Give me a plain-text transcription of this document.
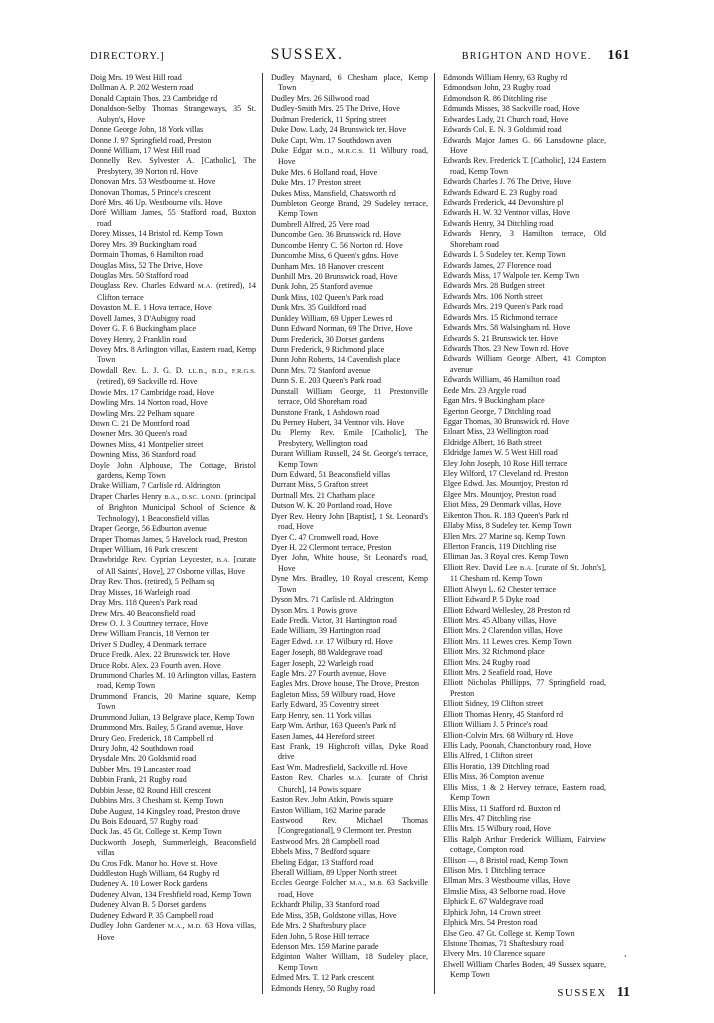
DIRECTORY.]	SUSSEX.	BRIGHTON AND HOVE. 161

Doig Mrs. 19 West Hill road

Dollman A. P. 202 Western road

Donald Captain Thos. 23 Cambridge rd

Donaldson-Selby Thomas Strangeways, 35 St. Aubyn's, Hove

Donne George John, 18 York villas

Donne J. 97 Springfield road, Preston

Donné William, 17 West Hill road

Donnelly Rev. Sylvester A. [Catholic], The Presbytery, 39 Norton rd. Hove

Donovan Mrs. 53 Westbourne st. Hove

Donovan Thomas, 5 Prince's crescent

Doré Mrs. 46 Up. Westbourne vils. Hove

Doré William James, 55 Stafford road, Buxton road

Dorey Misses, 14 Bristol rd. Kemp Town

Dorey Mrs. 39 Buckingham road

Dormain Thomas, 6 Hamilton road

Douglas Miss, 52 The Drive, Hove

Douglas Mrs. 50 Stafford road

Douglass Rev. Charles Edward M.A. (retired), 14 Clifton terrace

Dovaston M. E. 1 Hova terrace, Hove

Dovell James, 3 D'Aubigny road

Dover G. F. 6 Buckingham place

Dovey Henry, 2 Franklin road

Dovey Mrs. 8 Arlington villas, Eastern road, Kemp Town

Dowdall Rev. L. J. G. D. LL.B., B.D., F.R.G.S. (retired), 69 Sackville rd. Hove

Dowie Mrs. 17 Cambridge road, Hove

Dowling Mrs. 14 Norton road, Hove

Dowling Mrs. 22 Pelham square

Down C. 21 De Montford road

Downer Mrs. 30 Queen's road

Downes Miss, 41 Montpelier street

Downing Miss, 36 Stanford road

Doyle John Alphouse, The Cottage, Bristol gardens, Kemp Town

Drake William, 7 Carlisle rd. Aldrington

Draper Charles Henry B.A., D.SC. LOND. (principal of Brighton Municipal School of Science & Technology), 1 Beaconsfield villas

Draper George, 56 Edburton avenue

Draper Thomas James, 5 Havelock road, Preston

Draper William, 16 Park crescent

Drawbridge Rev. Cyprian Leycester, B.A. [curate of All Saints', Hove], 27 Osborne villas, Hove

Dray Rev. Thos. (retired), 5 Pelham sq

Dray Misses, 16 Warleigh road

Dray Mrs. 118 Queen's Park road

Drew Mrs. 40 Beaconsfield road

Drew O. J. 3 Courtney terrace, Hove

Drew William Francis, 18 Vernon ter

Driver S Dudley, 4 Denmark terrace

Druce Fredk. Alex. 22 Brunswick ter. Hove

Druce Robt. Alex. 23 Fourth aven. Hove

Drummond Charles M. 10 Arlington villas, Eastern road, Kemp Town

Drummond Francis, 20 Marine square, Kemp Town

Drummond Julian, 13 Belgrave place, Kemp Town

Drummond Mrs. Bailey, 5 Grand avenue, Hove

Drury Geo. Frederick, 18 Campbell rd

Drury John, 42 Southdown road

Drysdale Mrs. 20 Goldsmid road

Dubber Mrs. 19 Lancaster road

Dubbin Frank, 21 Rugby road

Dubbin Jesse, 82 Round Hill crescent

Dubbins Mrs. 3 Chesham st. Kemp Town

Dube August, 14 Kingsley road, Preston drove

Du Bois Edouard, 57 Rugby road

Duck Jas. 45 Gt. College st. Kemp Town

Duckworth Joseph, Summerleigh, Beaconsfield villas

Du Cros Fdk. Manor ho. Hove st. Hove

Duddleston Hugh William, 64 Rugby rd

Dudeney A. 10 Lower Rock gardens

Dudeney Alvan, 134 Freshfield road, Kemp Town

Dudeney Alvan B. 5 Dorset gardens

Dudeney Edward P. 35 Campbell road

Dudley John Gardener M.A., M.D. 63 Hova villas, Hove

Dudley Maynard, 6 Chesham place, Kemp Town

Dudley Mrs. 26 Sillwood road

Dudley-Smith Mrs. 25 The Drive, Hove

Dudman Frederick, 11 Spring street

Duke Dow. Lady, 24 Brunswick ter. Hove

Duke Capt. Wm. 17 Southdown aven

Duke Edgar M.D., M.R.C.S. 11 Wilbury road, Hove

Duke Mrs. 6 Holland road, Hove

Duke Mrs. 17 Preston street

Dukes Miss, Mansfield, Chatsworth rd

Dumbleton George Brand, 29 Sudeley terrace, Kemp Town

Dumbrell Alfred, 25 Vere road

Duncombe Geo. 36 Brunswick rd. Hove

Duncombe Henry C. 56 Norton rd. Hove

Duncombe Miss, 6 Queen's gdns. Hove

Dunham Mrs. 18 Hanover crescent

Dunhill Mrs. 20 Brunswick road, Hove

Dunk John, 25 Stanford avenue

Dunk Miss, 102 Queen's Park road

Dunk Mrs. 35 Guildford road

Dunkley William, 69 Upper Lewes rd

Dunn Edward Norman, 69 The Drive, Hove

Dunn Frederick, 30 Dorset gardens

Dunn Frederick, 9 Richmond place

Dunn John Roberts, 14 Cavendish place

Dunn Mrs. 72 Stanford avenue

Dunn S. E. 203 Queen's Park road

Dunstall William George, 11 Prestonville terrace, Old Shoreham road

Dunstone Frank, 1 Ashdown road

Du Perney Hubert, 34 Ventnor vils. Hove

Du Plerny Rev. Emile [Catholic], The Presbytery, Wellington road

Durant William Russell, 24 St. George's terrace, Kemp Town

Durn Edward, 51 Beaconsfield villas

Durrant Miss, 5 Grafton street

Durtnall Mrs. 21 Chatham place

Dutson W. K. 20 Portland road, Hove

Dyer Rev. Henry John [Baptist], 1 St. Leonard's road, Hove

Dyer C. 47 Cromwell road, Hove

Dyer H. 22 Clermont terrace, Preston

Dyer John, White house, St Leonard's road, Hove

Dyne Mrs. Bradley, 10 Royal crescent, Kemp Town

Dyson Mrs. 71 Carlisle rd. Aldrington

Dyson Mrs. 1 Powis grove

Eade Fredk. Victor, 31 Hartington road

Eade William, 39 Hartington road

Eager Edwd. J.P. 17 Wilbury rd. Hove

Eager Joseph, 88 Waldegrave road

Eager Joseph, 22 Warleigh road

Eagle Mrs. 27 Fourth avenue, Hove

Eagles Mrs. Drove house, The Drove, Preston

Eagleton Miss, 59 Wilbury road, Hove

Early Edward, 35 Coventry street

Earp Henry, sen. 11 York villas

Earp Wm. Arthur, 163 Queen's Park rd

Easen James, 44 Hereford street

East Frank, 19 Highcroft villas, Dyke Road drive

East Wm. Madresfield, Sackville rd. Hove

Easton Rev. Charles M.A. [curate of Christ Church], 14 Powis square

Easton Rev. John Atkin, Powis square

Easton William, 162 Marine parade

Eastwood Rev. Michael Thomas [Congregational], 9 Clermont ter. Preston

Eastwood Mrs. 28 Campbell road

Ebbels Miss, 7 Bedford square

Ebeling Edgar, 13 Stafford road

Eberall William, 89 Upper North street

Eccles George Folcher M.A., M.B. 63 Sackville road, Hove

Eckhardt Philip, 33 Stanford road

Ede Miss, 35B, Goldstone villas, Hove

Ede Mrs. 2 Shaftesbury place

Eden John, 5 Rose Hill terrace

Edenson Mrs. 159 Marine parade

Edginton Walter William, 18 Sudeley place, Kemp Town

Edmed Mrs. T. 12 Park crescent

Edmonds Henry, 50 Rugby road

Edmonds William Henry, 63 Rugby rd

Edmondson John, 23 Rugby road

Edmondson R. 86 Ditchling rise

Edmunds Misses, 38 Sackville road, Hove

Edwardes Lady, 21 Church road, Hove

Edwards Col. E. N. 3 Goldsmid road

Edwards Major James G. 66 Lansdowne place, Hove

Edwards Rev. Frederick T. [Catholic], 124 Eastern road, Kemp Town

Edwards Charles J. 76 The Drive, Hove

Edwards Edward E. 23 Rugby road

Edwards Frederick, 44 Devonshire pl

Edwards H. W. 32 Ventnor villas, Hove

Edwards Henry, 34 Ditchling road

Edwards Henry, 3 Hamilton terrace, Old Shoreham road

Edwards I. 5 Sudeley ter. Kemp Town

Edwards James, 27 Florence road

Edwards Miss, 17 Walpole ter. Kemp Twn

Edwards Mrs. 28 Budgen street

Edwards Mrs. 106 North street

Edwards Mrs. 219 Queen's Park road

Edwards Mrs. 15 Richmond terrace

Edwards Mrs. 58 Walsingham rd. Hove

Edwards S. 21 Brunswick ter. Hove

Edwards Thos. 23 New Town rd. Hove

Edwards William George Albert, 41 Compton avenue

Edwards William, 46 Hamilton road

Eede Mrs. 23 Argyle road

Egan Mrs. 9 Buckingham place

Egerton George, 7 Ditchling road

Eggar Thomas, 30 Brunswick rd. Hove

Eiloart Miss, 23 Wellington road

Eldridge Albert, 16 Bath street

Eldridge James W. 5 West Hill road

Eley John Joseph, 10 Rose Hill terrace

Eley Wilford, 17 Cleveland rd. Preston

Elgee Edwd. Jas. Mountjoy, Preston rd

Elgee Mrs. Mountjoy, Preston road

Eliot Miss, 29 Denmark villas, Hove

Eikenton Thos. R. 183 Queen's Park rd

Ellaby Miss, 8 Sudeley ter. Kemp Town

Ellen Mrs. 27 Marine sq. Kemp Town

Ellerton Francis, 119 Ditchling rise

Elliman Jas. 3 Royal cres. Kemp Town

Elliott Rev. David Lee B.A. [curate of St. John's], 11 Chesham rd. Kemp Town

Elliott Alwyn L. 62 Chester terrace

Elliott Edward P. 5 Dyke road

Elliott Edward Wellesley, 28 Preston rd

Elliott Mrs. 45 Albany villas, Hove

Elliott Mrs. 2 Clarendon villas, Hove

Elliott Mrs. 11 Lewes cres. Kemp Town

Elliott Mrs. 32 Richmond place

Elliott Mrs. 24 Rugby road

Elliott Mrs. 2 Seafield road, Hove

Elliott Nicholas Phillipps, 77 Springfield road, Preston

Elliott Sidney, 19 Clifton street

Elliott Thomas Henry, 45 Stanford rd

Elliott William J. 5 Prince's road

Elliott-Colvin Mrs. 68 Wilbury rd. Hove

Ellis Lady, Poonah, Chanctonbury road, Hove

Ellis Alfred, 1 Clifton street

Ellis Horatio, 139 Ditchling road

Ellis Miss, 36 Compton avenue

Ellis Miss, 1 & 2 Hervey terrace, Eastern road, Kemp Town

Ellis Miss, 11 Stafford rd. Buxton rd

Ellis Mrs. 47 Ditchling rise

Ellis Mrs. 15 Wilbury road, Hove

Ellis Ralph Arthur Frederick William, Fairview cottage, Compton road

Ellison —, 8 Bristol road, Kemp Town

Ellison Mrs. 1 Ditchling terrace

Ellman Mrs. 3 Westbourne villas, Hove

Elmslie Miss, 43 Selborne road. Hove

Elphick E. 67 Waldegrave road

Elphick John, 14 Crown street

Elphick Mrs. 54 Preston road

Else Geo. 47 Gt. College st. Kemp Town

Elstone Thomas, 71 Shaftesbury road

Elvery Mrs. 10 Clarence square

Elwell William Charles Boden, 49 Sussex square, Kemp Town

SUSSEX 11
'
